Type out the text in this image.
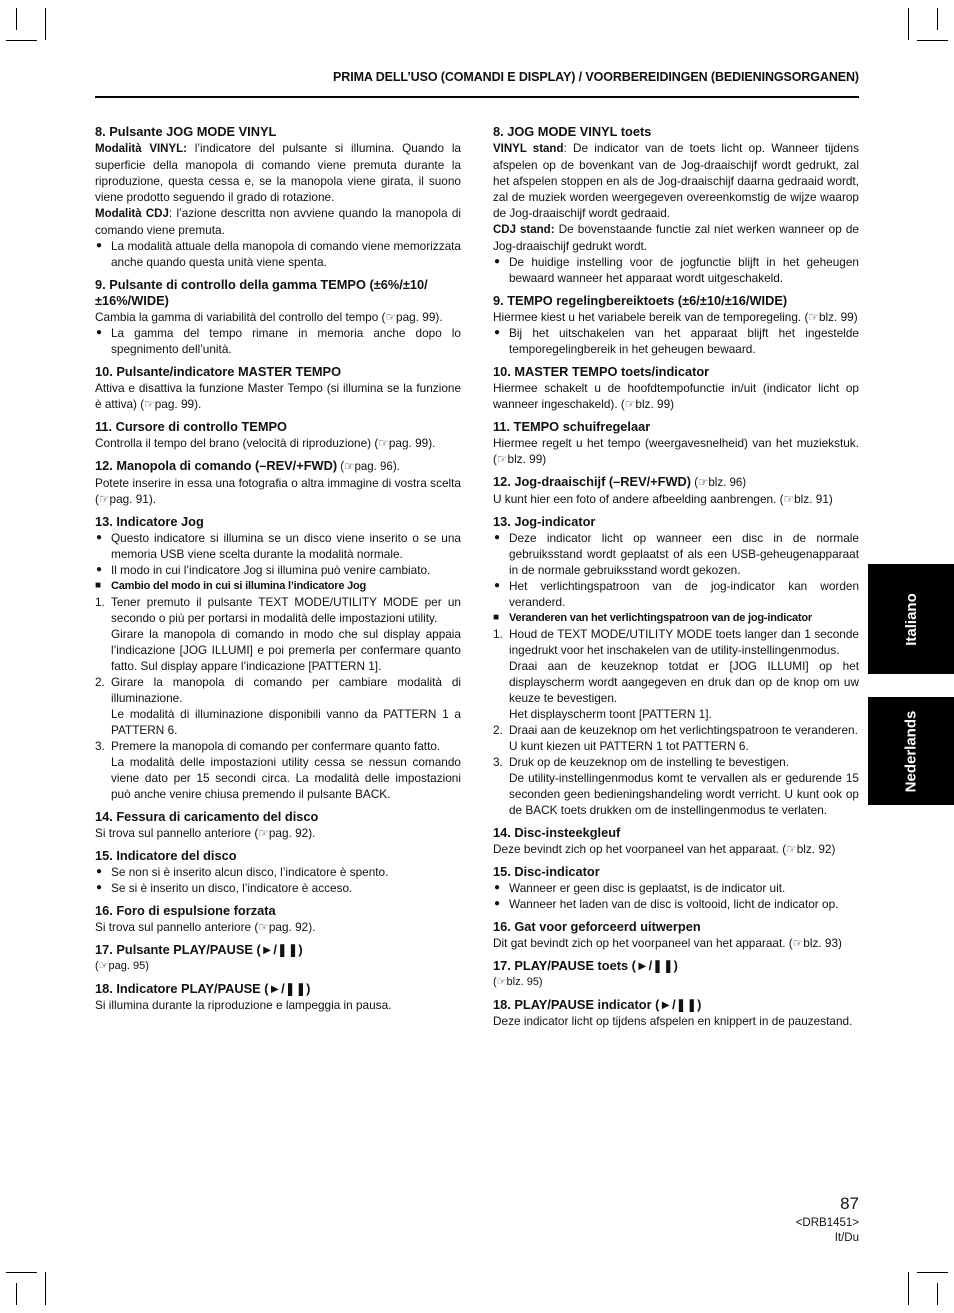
PRIMA DELL’USO (COMANDI E DISPLAY) / VOORBEREIDINGEN (BEDIENINGSORGANEN)
8. Pulsante JOG MODE VINYL
Modalità VINYL: l’indicatore del pulsante si illumina. Quando la superficie della manopola di comando viene premuta durante la riproduzione, questa cessa e, se la manopola viene girata, il suono viene prodotto seguendo il grado di rotazione.
Modalità CDJ: l’azione descritta non avviene quando la manopola di comando viene premuta.
● La modalità attuale della manopola di comando viene memorizzata anche quando questa unità viene spenta.
9. Pulsante di controllo della gamma TEMPO (±6%/±10/±16%/WIDE)
Cambia la gamma di variabilità del controllo del tempo (☞pag. 99).
● La gamma del tempo rimane in memoria anche dopo lo spegnimento dell’unità.
10. Pulsante/indicatore MASTER TEMPO
Attiva e disattiva la funzione Master Tempo (si illumina se la funzione è attiva) (☞pag. 99).
11. Cursore di controllo TEMPO
Controlla il tempo del brano (velocità di riproduzione) (☞pag. 99).
12. Manopola di comando (–REV/+FWD) (☞pag. 96).
Potete inserire in essa una fotografia o altra immagine di vostra scelta (☞pag. 91).
13. Indicatore Jog
● Questo indicatore si illumina se un disco viene inserito o se una memoria USB viene scelta durante la modalità normale.
● Il modo in cui l’indicatore Jog si illumina può venire cambiato.
■ Cambio del modo in cui si illumina l’indicatore Jog
1. Tener premuto il pulsante TEXT MODE/UTILITY MODE per un secondo o più per portarsi in modalità delle impostazioni utility.
Girare la manopola di comando in modo che sul display appaia l’indicazione [JOG ILLUMI] e poi premerla per confermare quanto fatto. Sul display appare l’indicazione [PATTERN 1].
2. Girare la manopola di comando per cambiare modalità di illuminazione.
Le modalità di illuminazione disponibili vanno da PATTERN 1 a PATTERN 6.
3. Premere la manopola di comando per confermare quanto fatto.
La modalità delle impostazioni utility cessa se nessun comando viene dato per 15 secondi circa. La modalità delle impostazioni può anche venire chiusa premendo il pulsante BACK.
14. Fessura di caricamento del disco
Si trova sul pannello anteriore (☞pag. 92).
15. Indicatore del disco
● Se non si è inserito alcun disco, l’indicatore è spento.
● Se si è inserito un disco, l’indicatore è acceso.
16. Foro di espulsione forzata
Si trova sul pannello anteriore (☞pag. 92).
17. Pulsante PLAY/PAUSE (►/❚❚)
(☞pag. 95)
18. Indicatore PLAY/PAUSE (►/❚❚)
Si illumina durante la riproduzione e lampeggia in pausa.
8. JOG MODE VINYL toets
VINYL stand: De indicator van de toets licht op. Wanneer tijdens afspelen op de bovenkant van de Jog-draaischijf wordt gedrukt, zal het afspelen stoppen en als de Jog-draaischijf daarna gedraaid wordt, zal de muziek worden weergegeven overeenkomstig de wijze waarop de Jog-draaischijf wordt gedraaid.
CDJ stand: De bovenstaande functie zal niet werken wanneer op de Jog-draaischijf gedrukt wordt.
● De huidige instelling voor de jogfunctie blijft in het geheugen bewaard wanneer het apparaat wordt uitgeschakeld.
9. TEMPO regelingbereiktoets (±6/±10/±16/WIDE)
Hiermee kiest u het variabele bereik van de temporegeling. (☞blz. 99)
● Bij het uitschakelen van het apparaat blijft het ingestelde temporegelingbereik in het geheugen bewaard.
10. MASTER TEMPO toets/indicator
Hiermee schakelt u de hoofdtempofunctie in/uit (indicator licht op wanneer ingeschakeld). (☞blz. 99)
11. TEMPO schuifregelaar
Hiermee regelt u het tempo (weergavesnelheid) van het muziekstuk. (☞blz. 99)
12. Jog-draaischijf (–REV/+FWD) (☞blz. 96)
U kunt hier een foto of andere afbeelding aanbrengen. (☞blz. 91)
13. Jog-indicator
● Deze indicator licht op wanneer een disc in de normale gebruiksstand wordt geplaatst of als een USB-geheugenapparaat in de normale gebruiksstand wordt gekozen.
● Het verlichtingspatroon van de jog-indicator kan worden veranderd.
■ Veranderen van het verlichtingspatroon van de jog-indicator
1. Houd de TEXT MODE/UTILITY MODE toets langer dan 1 seconde ingedrukt voor het inschakelen van de utility-instellingenmodus.
Draai aan de keuzeknop totdat er [JOG ILLUMI] op het displayscherm wordt aangegeven en druk dan op de knop om uw keuze te bevestigen.
Het displayscherm toont [PATTERN 1].
2. Draai aan de keuzeknop om het verlichtingspatroon te veranderen.
U kunt kiezen uit PATTERN 1 tot PATTERN 6.
3. Druk op de keuzeknop om de instelling te bevestigen.
De utility-instellingenmodus komt te vervallen als er gedurende 15 seconden geen bedieningshandeling wordt verricht. U kunt ook op de BACK toets drukken om de instellingenmodus te verlaten.
14. Disc-insteekgleuf
Deze bevindt zich op het voorpaneel van het apparaat. (☞blz. 92)
15. Disc-indicator
● Wanneer er geen disc is geplaatst, is de indicator uit.
● Wanneer het laden van de disc is voltooid, licht de indicator op.
16. Gat voor geforceerd uitwerpen
Dit gat bevindt zich op het voorpaneel van het apparaat. (☞blz. 93)
17. PLAY/PAUSE toets (►/❚❚)
(☞blz. 95)
18. PLAY/PAUSE indicator (►/❚❚)
Deze indicator licht op tijdens afspelen en knippert in de pauzestand.
Italiano
Nederlands
87
<DRB1451>
It/Du
